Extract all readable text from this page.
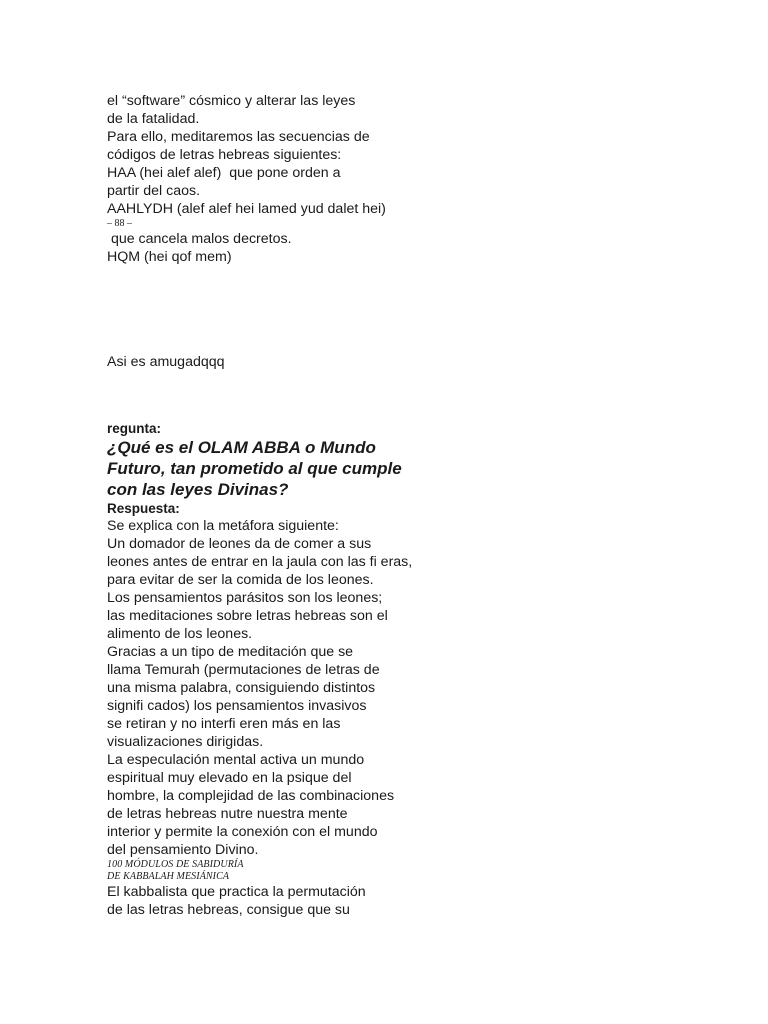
el “software” cósmico y alterar las leyes
de la fatalidad.
Para ello, meditaremos las secuencias de
códigos de letras hebreas siguientes:
HAA (hei alef alef)  que pone orden a
partir del caos.
AAHLYDH (alef alef hei lamed yud dalet hei)
– 88 –
que cancela malos decretos.
HQM (hei qof mem)
Asi es amugadqqq
regunta:
¿Qué es el OLAM ABBA o Mundo
Futuro, tan prometido al que cumple
con las leyes Divinas?
Respuesta:
Se explica con la metáfora siguiente:
Un domador de leones da de comer a sus
leones antes de entrar en la jaula con las fi eras,
para evitar de ser la comida de los leones.
Los pensamientos parásitos son los leones;
las meditaciones sobre letras hebreas son el
alimento de los leones.
Gracias a un tipo de meditación que se
llama Temurah (permutaciones de letras de
una misma palabra, consiguiendo distintos
signifi cados) los pensamientos invasivos
se retiran y no interfi eren más en las
visualizaciones dirigidas.
La especulación mental activa un mundo
espiritual muy elevado en la psique del
hombre, la complejidad de las combinaciones
de letras hebreas nutre nuestra mente
interior y permite la conexión con el mundo
del pensamiento Divino.
100 MÓDULOS DE SABIDURÍA
DE KABBALAH MESIÁNICA
El kabbalista que practica la permutación
de las letras hebreas, consigue que su
